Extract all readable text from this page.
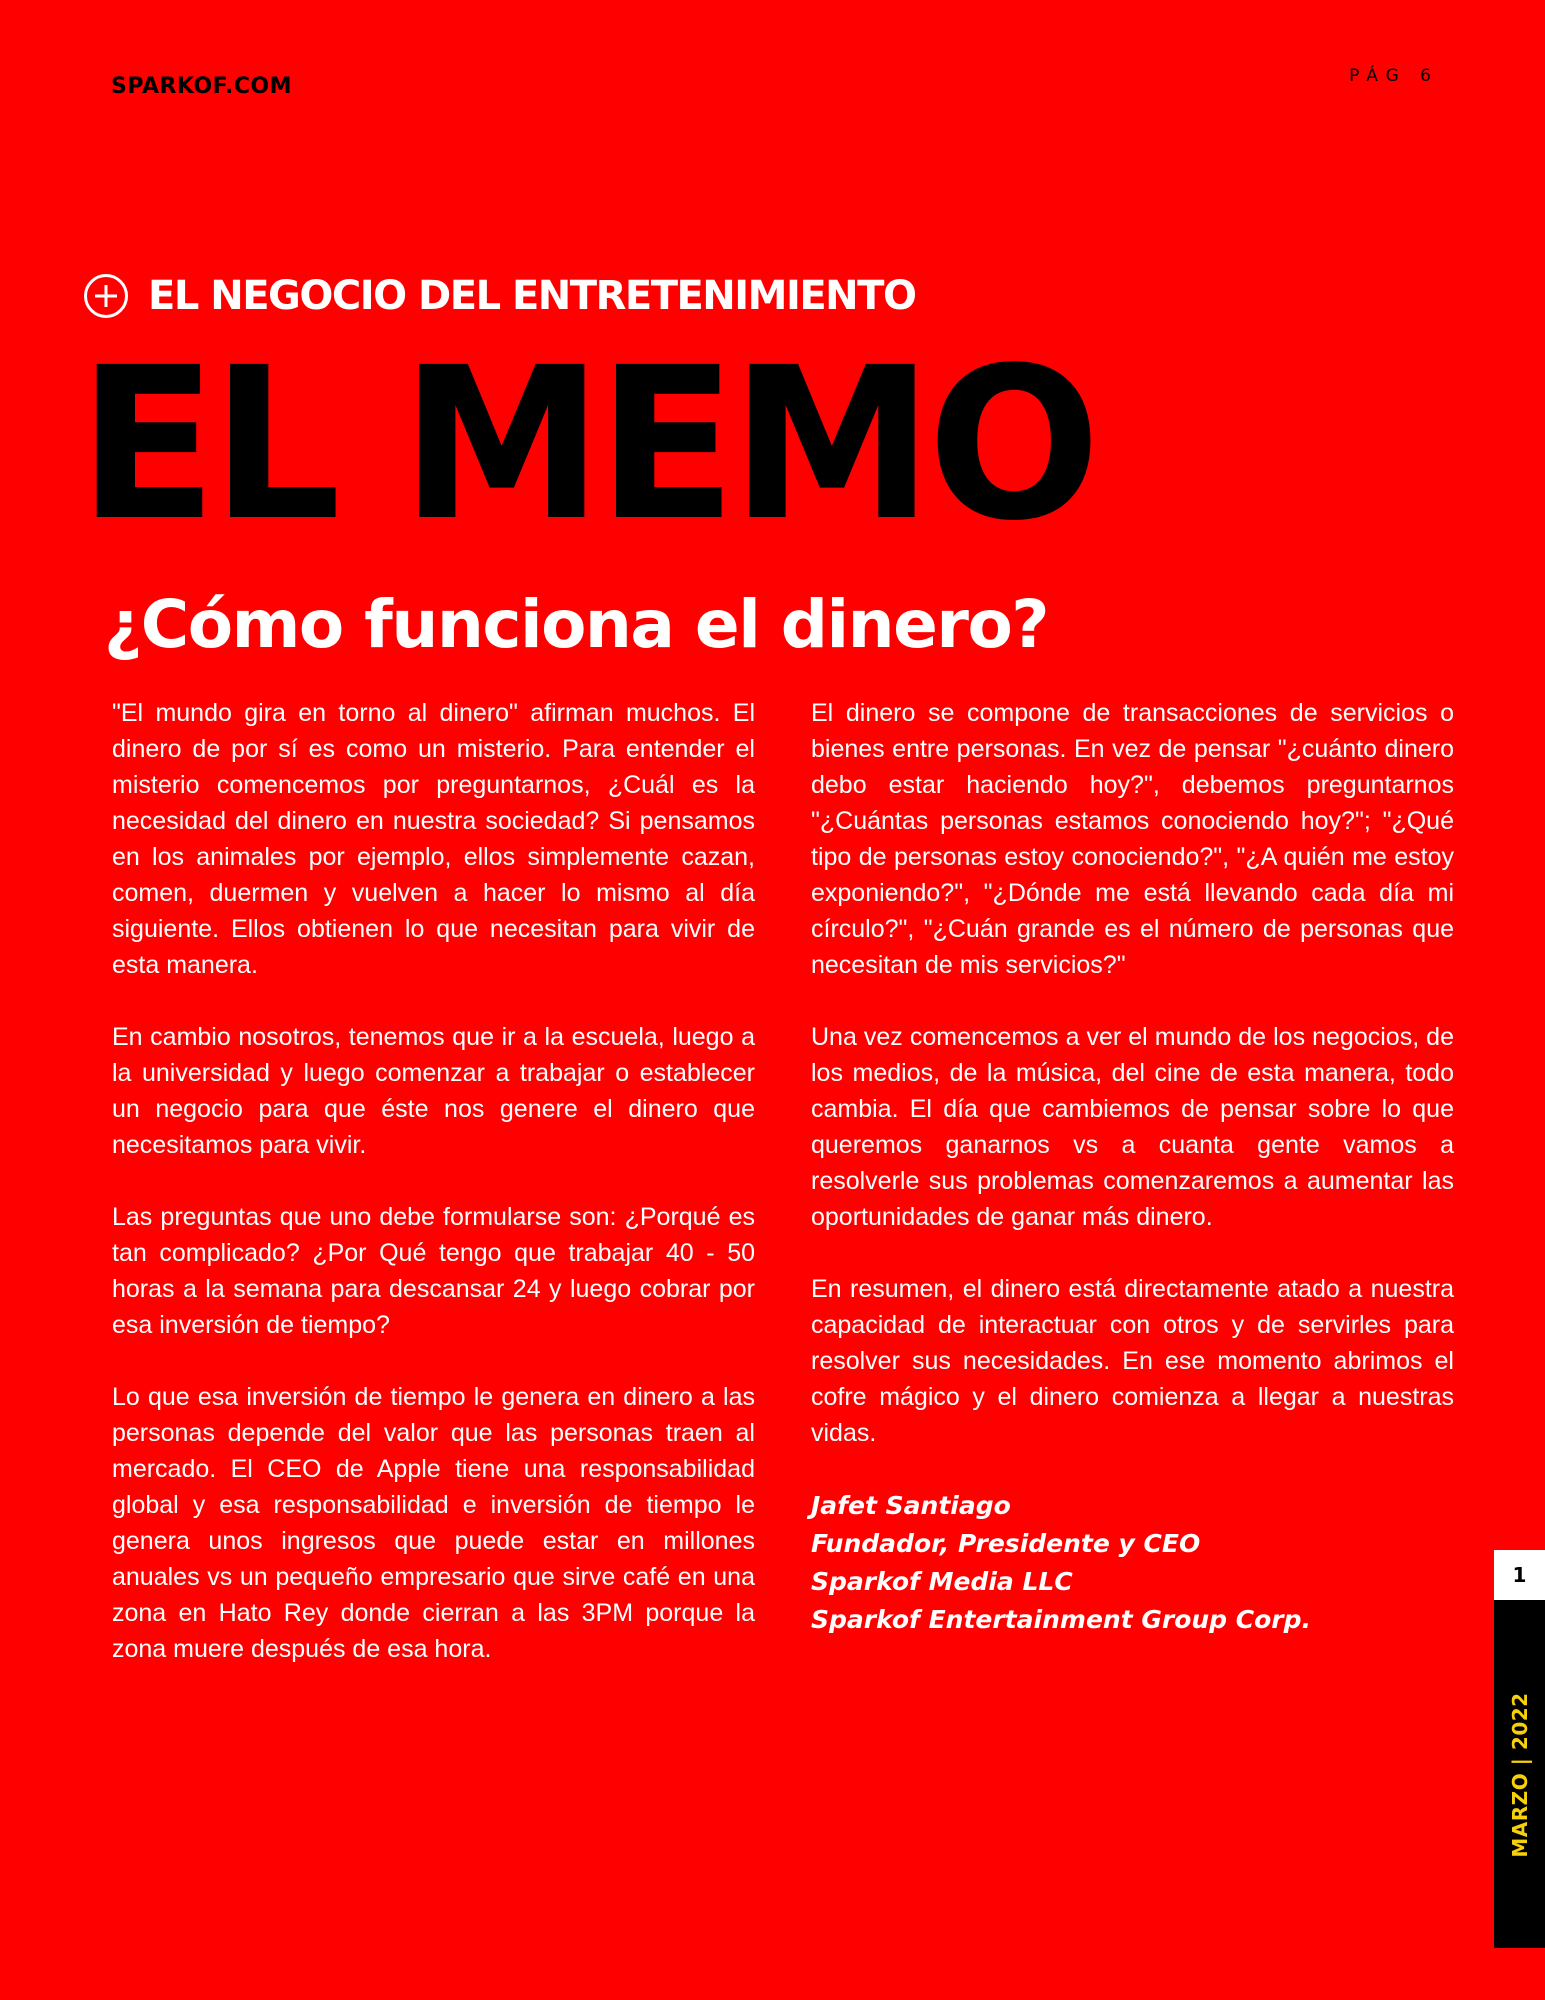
SPARKOF.COM	PÁG 6
EL NEGOCIO DEL ENTRETENIMIENTO
EL MEMO
¿Cómo funciona el dinero?

"El mundo gira en torno al dinero" afirman muchos. El dinero de por sí es como un misterio. Para entender el misterio comencemos por preguntarnos, ¿Cuál es la necesidad del dinero en nuestra sociedad? Si pensamos en los animales por ejemplo, ellos simplemente cazan, comen, duermen y vuelven a hacer lo mismo al día siguiente. Ellos obtienen lo que necesitan para vivir de esta manera.

En cambio nosotros, tenemos que ir a la escuela, luego a la universidad y luego comenzar a trabajar o establecer un negocio para que éste nos genere el dinero que necesitamos para vivir.

Las preguntas que uno debe formularse son: ¿Porqué es tan complicado? ¿Por Qué tengo que trabajar 40 - 50 horas a la semana para descansar 24 y luego cobrar por esa inversión de tiempo?

Lo que esa inversión de tiempo le genera en dinero a las personas depende del valor que las personas traen al mercado. El CEO de Apple tiene una responsabilidad global y esa responsabilidad e inversión de tiempo le genera unos ingresos que puede estar en millones anuales vs un pequeño empresario que sirve café en una zona en Hato Rey donde cierran a las 3PM porque la zona muere después de esa hora.

El dinero se compone de transacciones de servicios o bienes entre personas. En vez de pensar "¿cuánto dinero debo estar haciendo hoy?", debemos preguntarnos "¿Cuántas personas estamos conociendo hoy?"; "¿Qué tipo de personas estoy conociendo?", "¿A quién me estoy exponiendo?", "¿Dónde me está llevando cada día mi círculo?", "¿Cuán grande es el número de personas que necesitan de mis servicios?"

Una vez comencemos a ver el mundo de los negocios, de los medios, de la música, del cine de esta manera, todo cambia. El día que cambiemos de pensar sobre lo que queremos ganarnos vs a cuanta gente vamos a resolverle sus problemas comenzaremos a aumentar las oportunidades de ganar más dinero.

En resumen, el dinero está directamente atado a nuestra capacidad de interactuar con otros y de servirles para resolver sus necesidades. En ese momento abrimos el cofre mágico y el dinero comienza a llegar a nuestras vidas.

Jafet Santiago
Fundador, Presidente y CEO
Sparkof Media LLC
Sparkof Entertainment Group Corp.
1
MARZO | 2022
